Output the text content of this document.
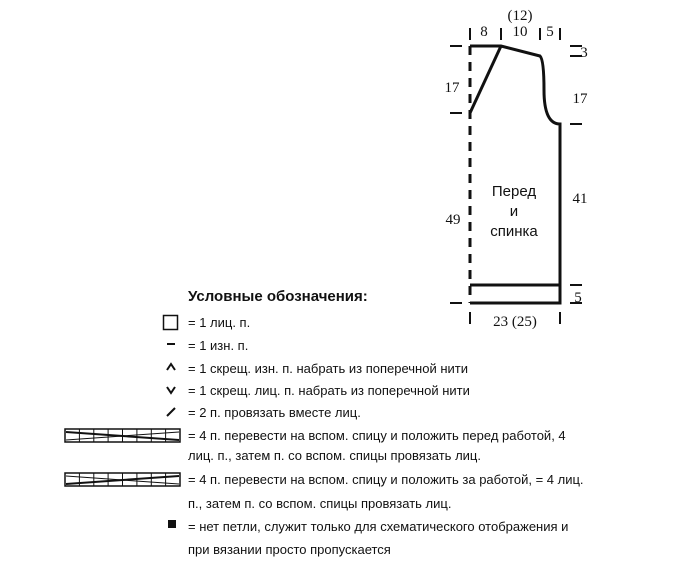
(12)
8 10 5
3
17
17
49
41
5
23 (25)
Перед
и
спинка
Условные обозначения:
= 1 лиц. п.
= 1 изн. п.
= 1 скрещ. изн. п. набрать из поперечной нити
= 1 скрещ. лиц. п. набрать из поперечной нити
= 2 п. провязать вместе лиц.
= 4 п. перевести на вспом. спицу и положить перед работой, 4
лиц. п., затем п. со вспом. спицы провязать лиц.
= 4 п. перевести на вспом. спицу и положить за работой, = 4 лиц.
п., затем п. со вспом. спицы провязать лиц.
= нет петли, служит только для схематического отображения и
при вязании просто пропускается
